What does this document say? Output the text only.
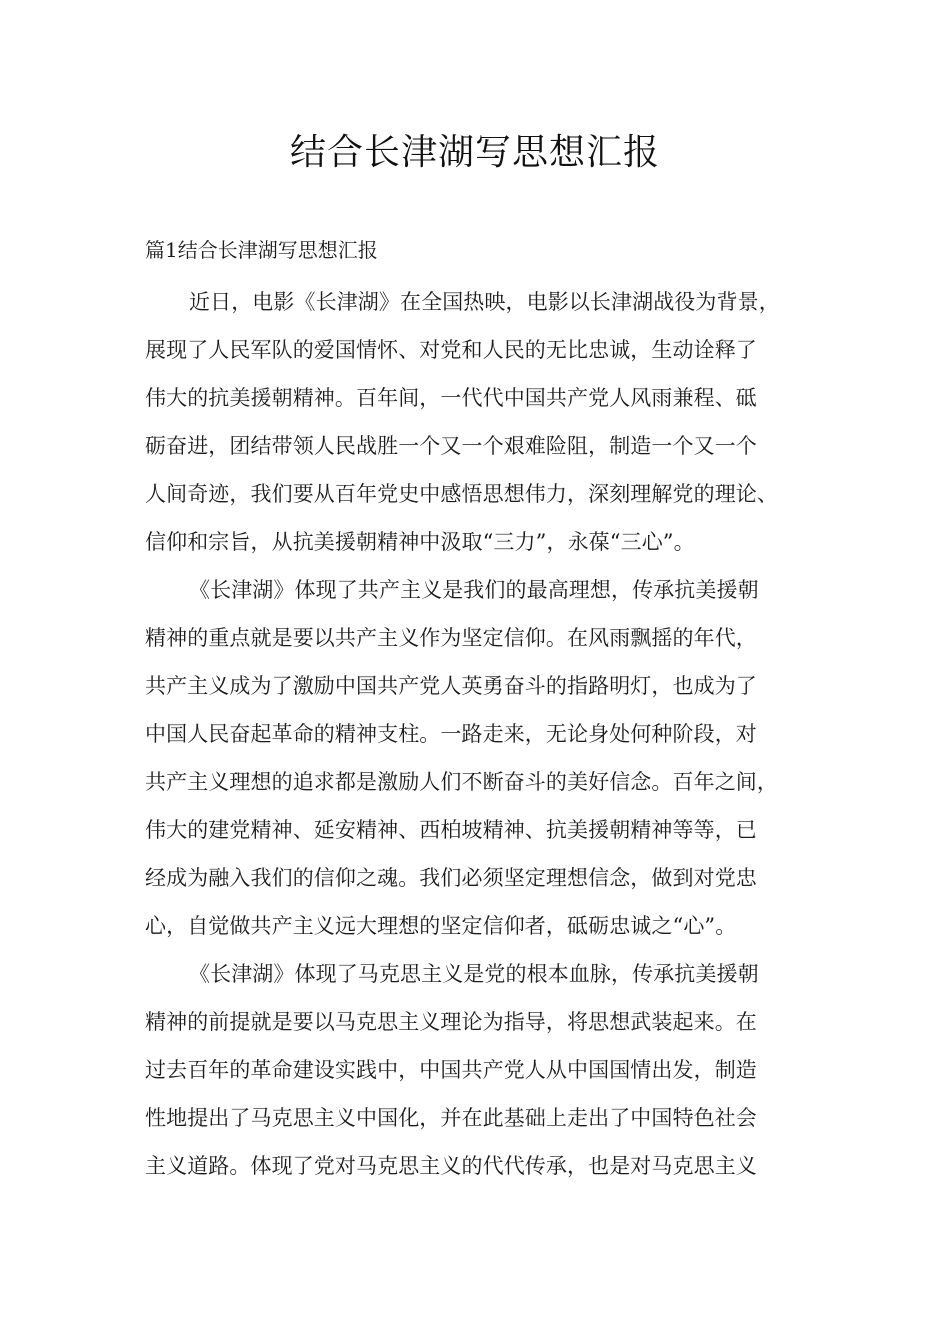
结合长津湖写思想汇报
篇1结合长津湖写思想汇报
近日，电影《长津湖》在全国热映，电影以长津湖战役为背景，
展现了人民军队的爱国情怀、对党和人民的无比忠诚，生动诠释了
伟大的抗美援朝精神。百年间，一代代中国共产党人风雨兼程、砥
砺奋进，团结带领人民战胜一个又一个艰难险阻，制造一个又一个
人间奇迹，我们要从百年党史中感悟思想伟力，深刻理解党的理论、
信仰和宗旨，从抗美援朝精神中汲取“三力”，永葆“三心”。
《长津湖》体现了共产主义是我们的最高理想，传承抗美援朝
精神的重点就是要以共产主义作为坚定信仰。在风雨飘摇的年代，
共产主义成为了激励中国共产党人英勇奋斗的指路明灯，也成为了
中国人民奋起革命的精神支柱。一路走来，无论身处何种阶段，对
共产主义理想的追求都是激励人们不断奋斗的美好信念。百年之间，
伟大的建党精神、延安精神、西柏坡精神、抗美援朝精神等等，已
经成为融入我们的信仰之魂。我们必须坚定理想信念，做到对党忠
心，自觉做共产主义远大理想的坚定信仰者，砥砺忠诚之“心”。
《长津湖》体现了马克思主义是党的根本血脉，传承抗美援朝
精神的前提就是要以马克思主义理论为指导，将思想武装起来。在
过去百年的革命建设实践中，中国共产党人从中国国情出发，制造
性地提出了马克思主义中国化，并在此基础上走出了中国特色社会
主义道路。体现了党对马克思主义的代代传承，也是对马克思主义
